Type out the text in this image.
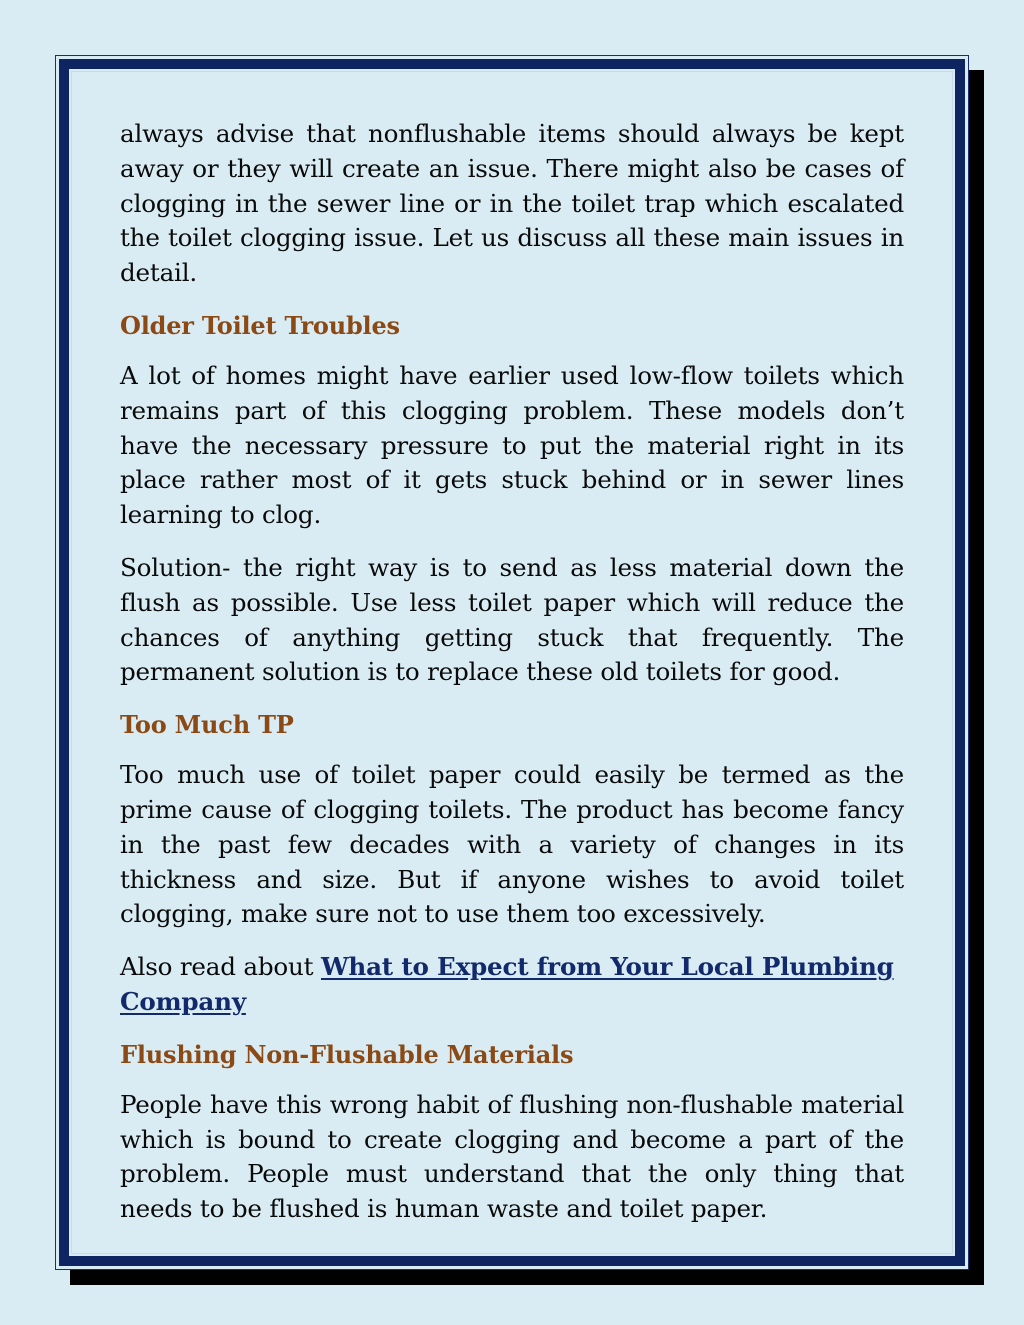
always advise that nonflushable items should always be kept away or they will create an issue. There might also be cases of clogging in the sewer line or in the toilet trap which escalated the toilet clogging issue. Let us discuss all these main issues in detail.

Older Toilet Troubles

A lot of homes might have earlier used low-flow toilets which remains part of this clogging problem. These models don’t have the necessary pressure to put the material right in its place rather most of it gets stuck behind or in sewer lines learning to clog.

Solution- the right way is to send as less material down the flush as possible. Use less toilet paper which will reduce the chances of anything getting stuck that frequently. The permanent solution is to replace these old toilets for good.

Too Much TP

Too much use of toilet paper could easily be termed as the prime cause of clogging toilets. The product has become fancy in the past few decades with a variety of changes in its thickness and size. But if anyone wishes to avoid toilet clogging, make sure not to use them too excessively.

Also read about What to Expect from Your Local Plumbing Company

Flushing Non-Flushable Materials

People have this wrong habit of flushing non-flushable material which is bound to create clogging and become a part of the problem. People must understand that the only thing that needs to be flushed is human waste and toilet paper.
